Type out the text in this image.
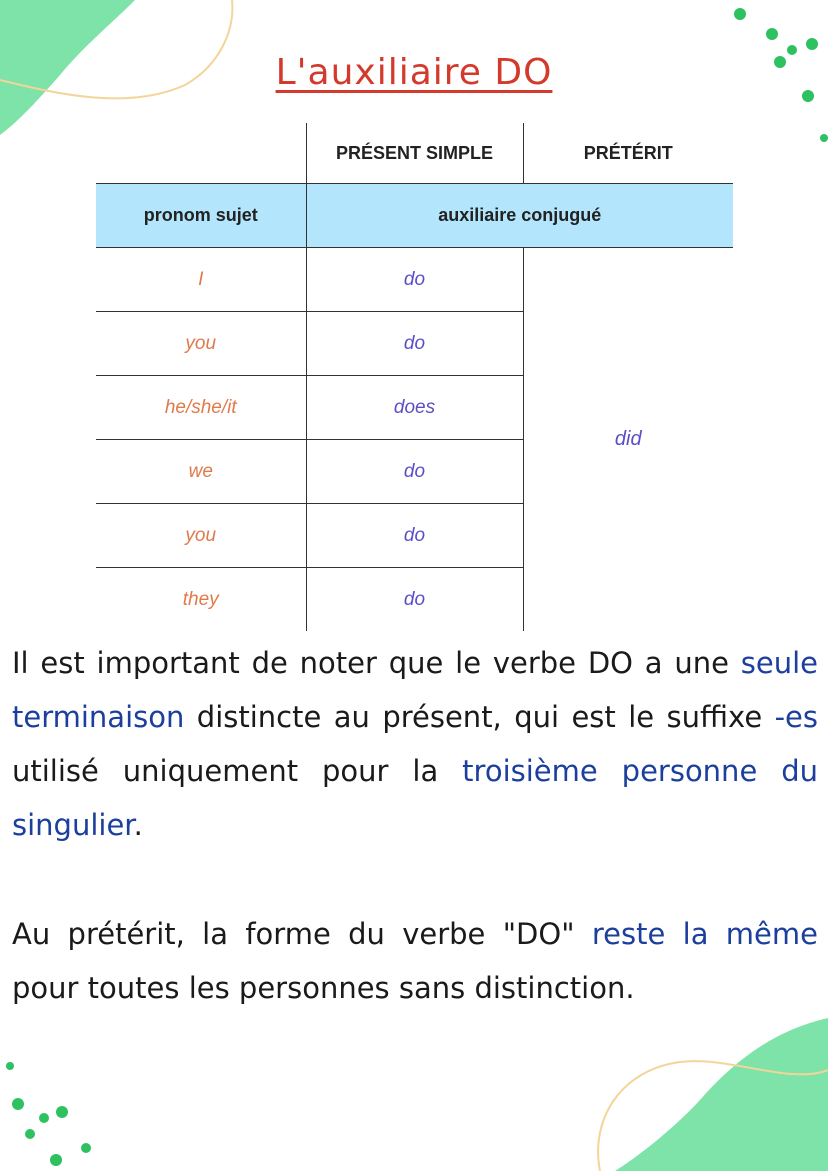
L'auxiliaire DO
	PRÉSENT SIMPLE	PRÉTÉRIT
pronom sujet	auxiliaire conjugué	
I	do	did
you	do	
he/she/it	does	
we	do	
you	do	
they	do	

Il est important de noter que le verbe DO a une seule terminaison distincte au présent, qui est le suffixe -es utilisé uniquement pour la troisième personne du singulier.

Au prétérit, la forme du verbe "DO" reste la même pour toutes les personnes sans distinction.
